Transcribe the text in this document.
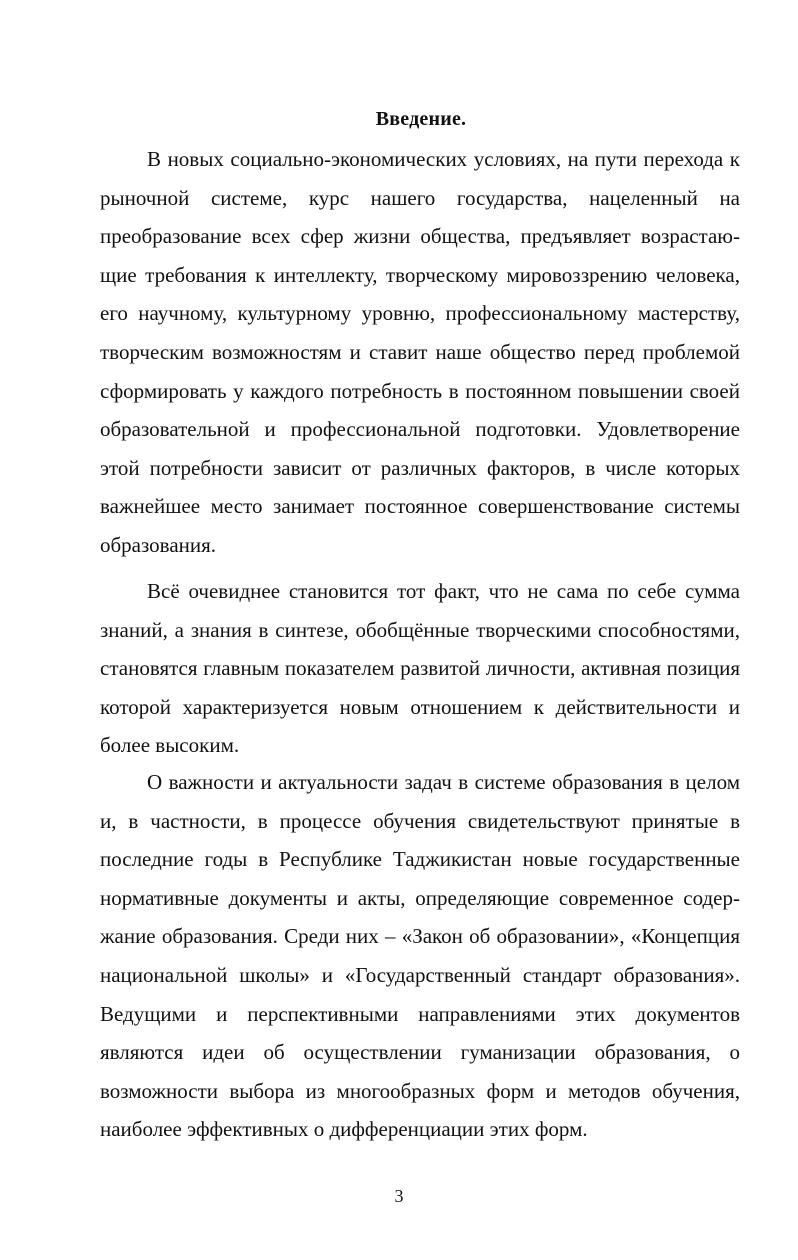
Введение.

В новых социально-экономических условиях, на пути перехода к рыночной системе, курс нашего государства, нацеленный на преобразование всех сфер жизни общества, предъявляет возрастающие требования к интеллекту, творческому мировоззрению человека, его научному, культурному уровню, профессиональному мастерству, творческим возможностям и ставит наше общество перед проблемой сформировать у каждого потребность в постоянном повышении своей образовательной и профессиональной подготовки. Удовлетворение этой потребности зависит от различных факторов, в числе которых важнейшее место занимает постоянное совершенствование системы образования.

Всё очевиднее становится тот факт, что не сама по себе сумма знаний, а знания в синтезе, обобщённые творческими способностями, становятся главным показателем развитой личности, активная позиция которой характеризуется новым отношением к действительности и более высоким.

О важности и актуальности задач в системе образования в целом и, в частности, в процессе обучения свидетельствуют принятые в последние годы в Республике Таджикистан новые государственные нормативные документы и акты, определяющие современное содержание образования. Среди них – «Закон об образовании», «Концепция национальной школы» и «Государственный стандарт образования». Ведущими и перспективными направлениями этих документов являются идеи об осуществлении гуманизации образования, о возможности выбора из многообразных форм и методов обучения, наиболее эффективных о дифференциации этих форм.

3
